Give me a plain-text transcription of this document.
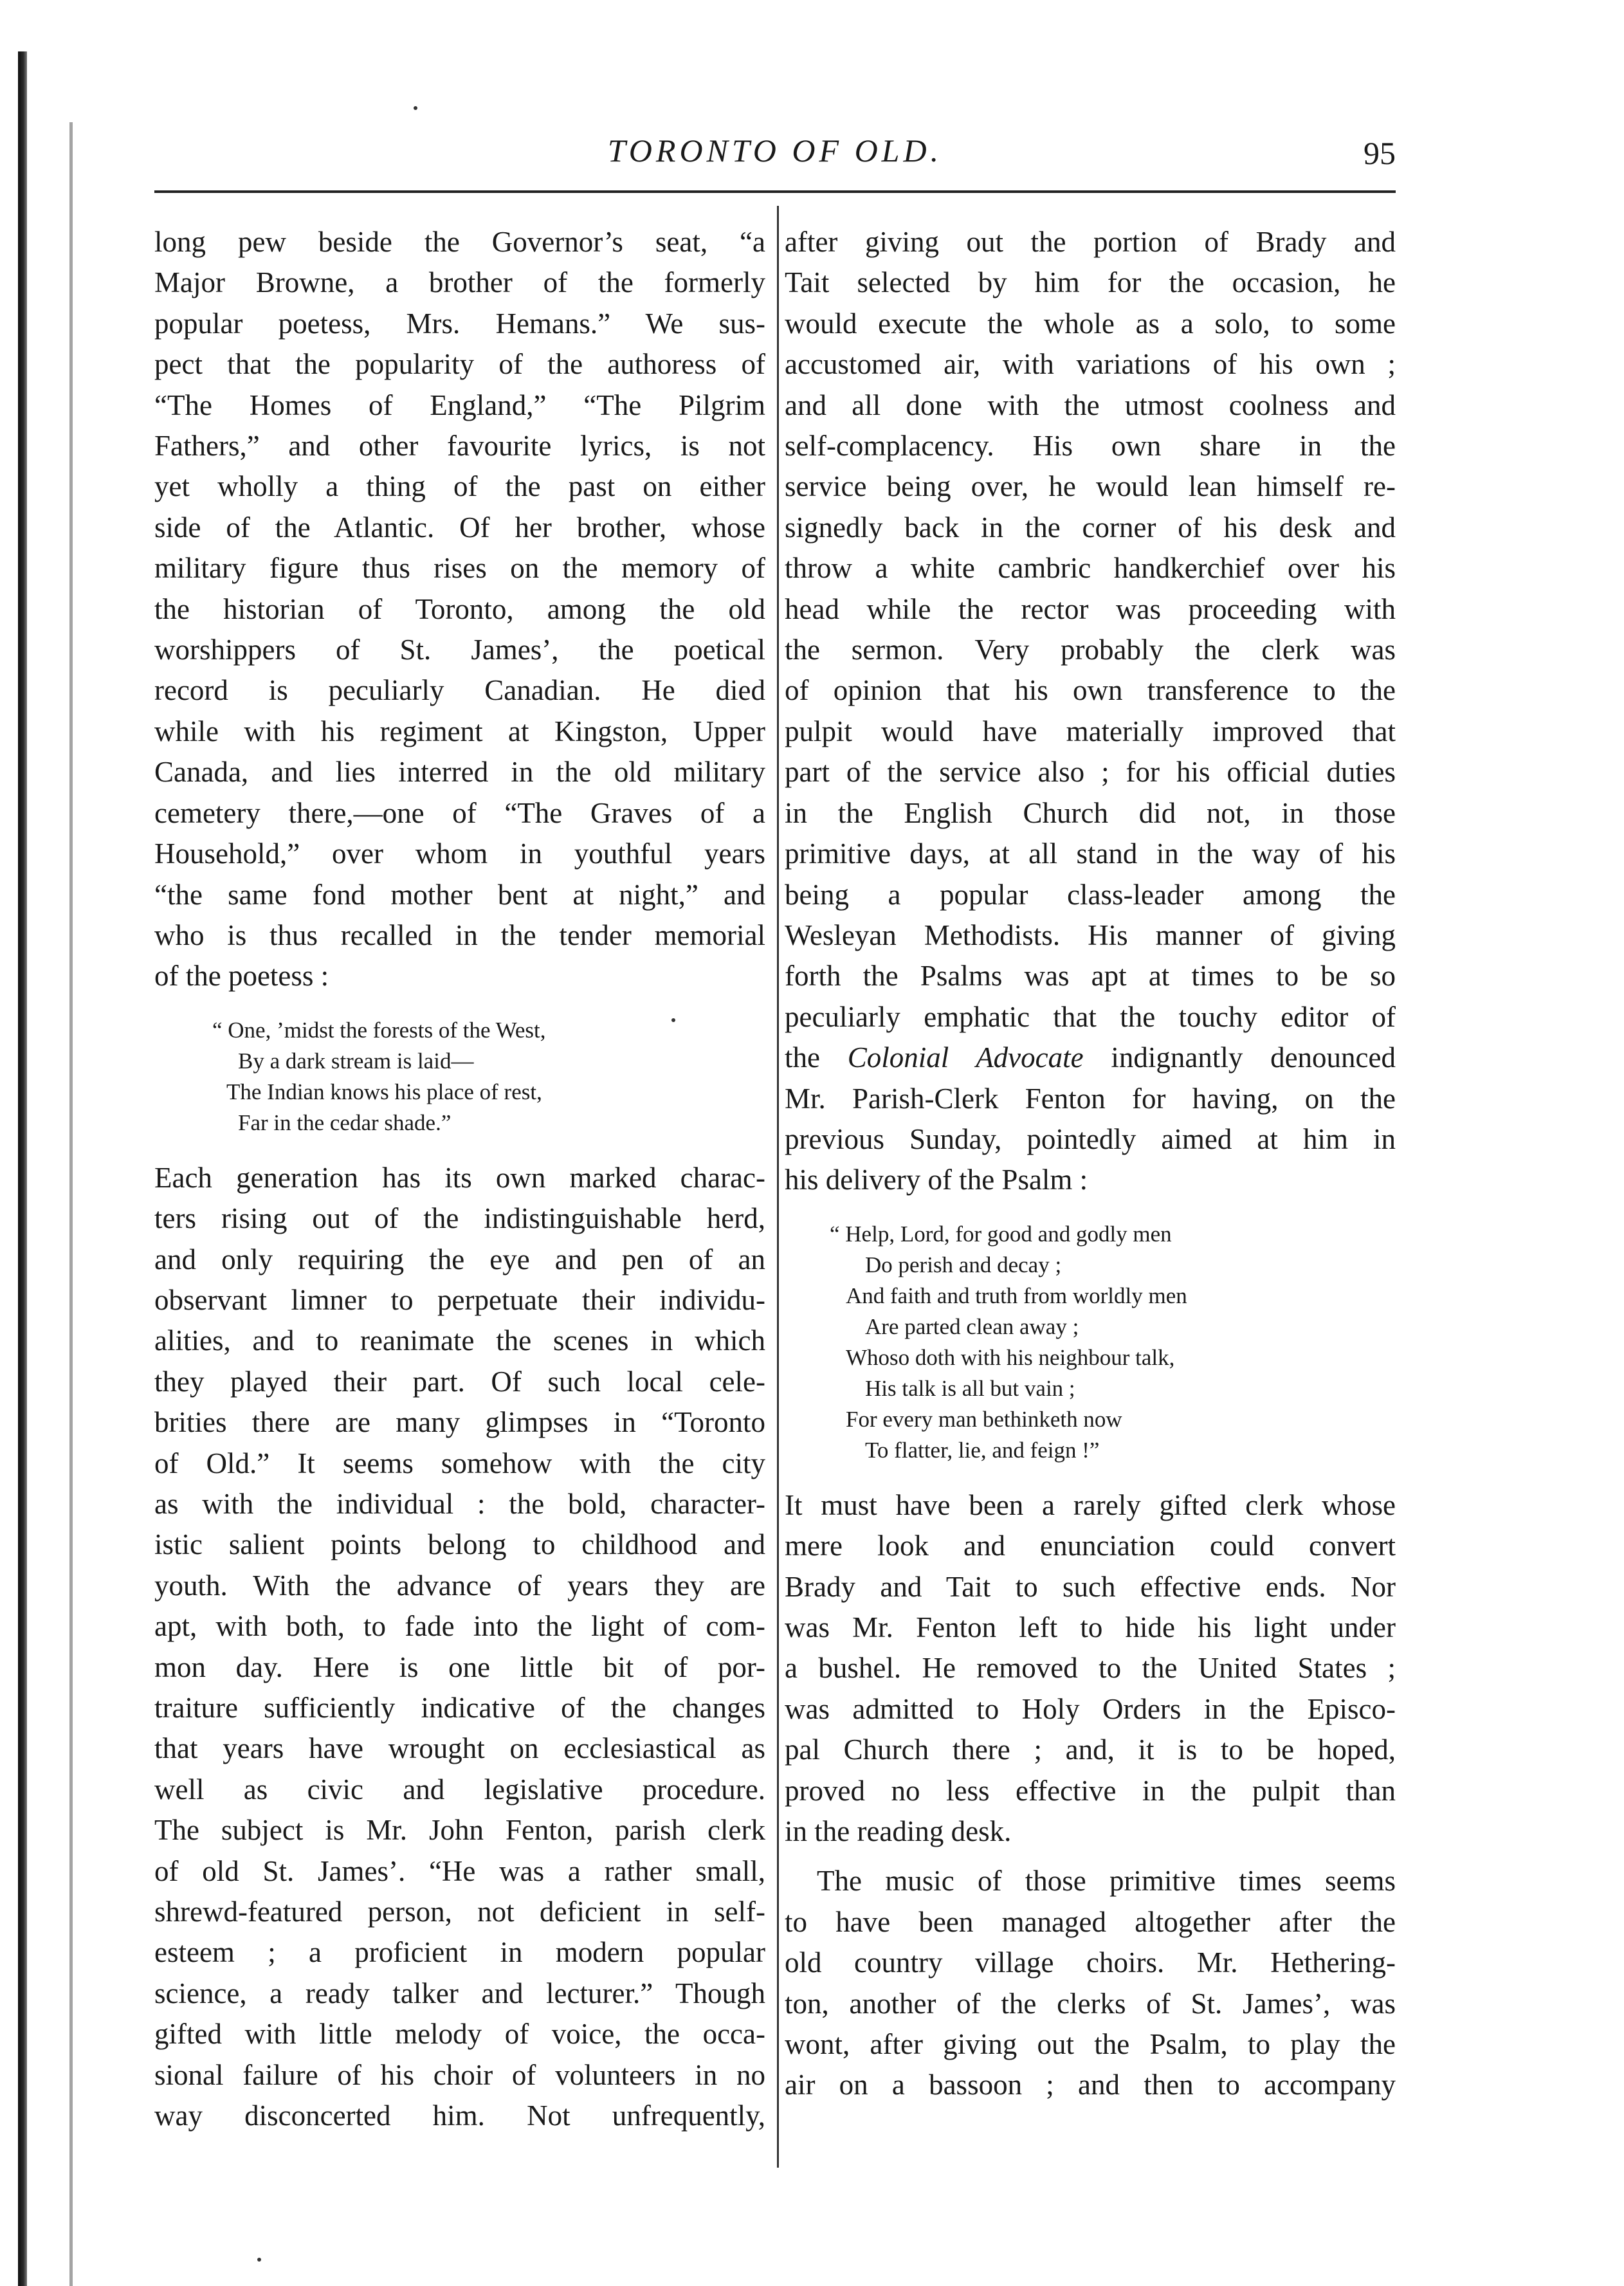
TORONTO OF OLD.	95

long pew beside the Governor’s seat, “a

Major Browne, a brother of the formerly

popular poetess, Mrs. Hemans.” We sus-

pect that the popularity of the authoress of

“The Homes of England,” “The Pilgrim

Fathers,” and other favourite lyrics, is not

yet wholly a thing of the past on either

side of the Atlantic. Of her brother, whose

military figure thus rises on the memory of

the historian of Toronto, among the old

worshippers of St. James’, the poetical

record is peculiarly Canadian. He died

while with his regiment at Kingston, Upper

Canada, and lies interred in the old military

cemetery there,—one of “The Graves of a

Household,” over whom in youthful years

“the same fond mother bent at night,” and

who is thus recalled in the tender memorial

of the poetess :

“ One, ’midst the forests of the West,
By a dark stream is laid—
The Indian knows his place of rest,
Far in the cedar shade.”

Each generation has its own marked charac-

ters rising out of the indistinguishable herd,

and only requiring the eye and pen of an

observant limner to perpetuate their individu-

alities, and to reanimate the scenes in which

they played their part. Of such local cele-

brities there are many glimpses in “Toronto

of Old.” It seems somehow with the city

as with the individual : the bold, character-

istic salient points belong to childhood and

youth. With the advance of years they are

apt, with both, to fade into the light of com-

mon day. Here is one little bit of por-

traiture sufficiently indicative of the changes

that years have wrought on ecclesiastical as

well as civic and legislative procedure.

The subject is Mr. John Fenton, parish clerk

of old St. James’. “He was a rather small,

shrewd-featured person, not deficient in self-

esteem ; a proficient in modern popular

science, a ready talker and lecturer.” Though

gifted with little melody of voice, the occa-

sional failure of his choir of volunteers in no

way disconcerted him. Not unfrequently,

after giving out the portion of Brady and

Tait selected by him for the occasion, he

would execute the whole as a solo, to some

accustomed air, with variations of his own ;

and all done with the utmost coolness and

self-complacency. His own share in the

service being over, he would lean himself re-

signedly back in the corner of his desk and

throw a white cambric handkerchief over his

head while the rector was proceeding with

the sermon. Very probably the clerk was

of opinion that his own transference to the

pulpit would have materially improved that

part of the service also ; for his official duties

in the English Church did not, in those

primitive days, at all stand in the way of his

being a popular class-leader among the

Wesleyan Methodists. His manner of giving

forth the Psalms was apt at times to be so

peculiarly emphatic that the touchy editor of

the Colonial Advocate indignantly denounced

Mr. Parish-Clerk Fenton for having, on the

previous Sunday, pointedly aimed at him in

his delivery of the Psalm :

“ Help, Lord, for good and godly men
Do perish and decay ;
And faith and truth from worldly men
Are parted clean away ;
Whoso doth with his neighbour talk,
His talk is all but vain ;
For every man bethinketh now
To flatter, lie, and feign !”

It must have been a rarely gifted clerk whose

mere look and enunciation could convert

Brady and Tait to such effective ends. Nor

was Mr. Fenton left to hide his light under

a bushel. He removed to the United States ;

was admitted to Holy Orders in the Episco-

pal Church there ; and, it is to be hoped,

proved no less effective in the pulpit than

in the reading desk.

The music of those primitive times seems

to have been managed altogether after the

old country village choirs. Mr. Hethering-

ton, another of the clerks of St. James’, was

wont, after giving out the Psalm, to play the

air on a bassoon ; and then to accompany
